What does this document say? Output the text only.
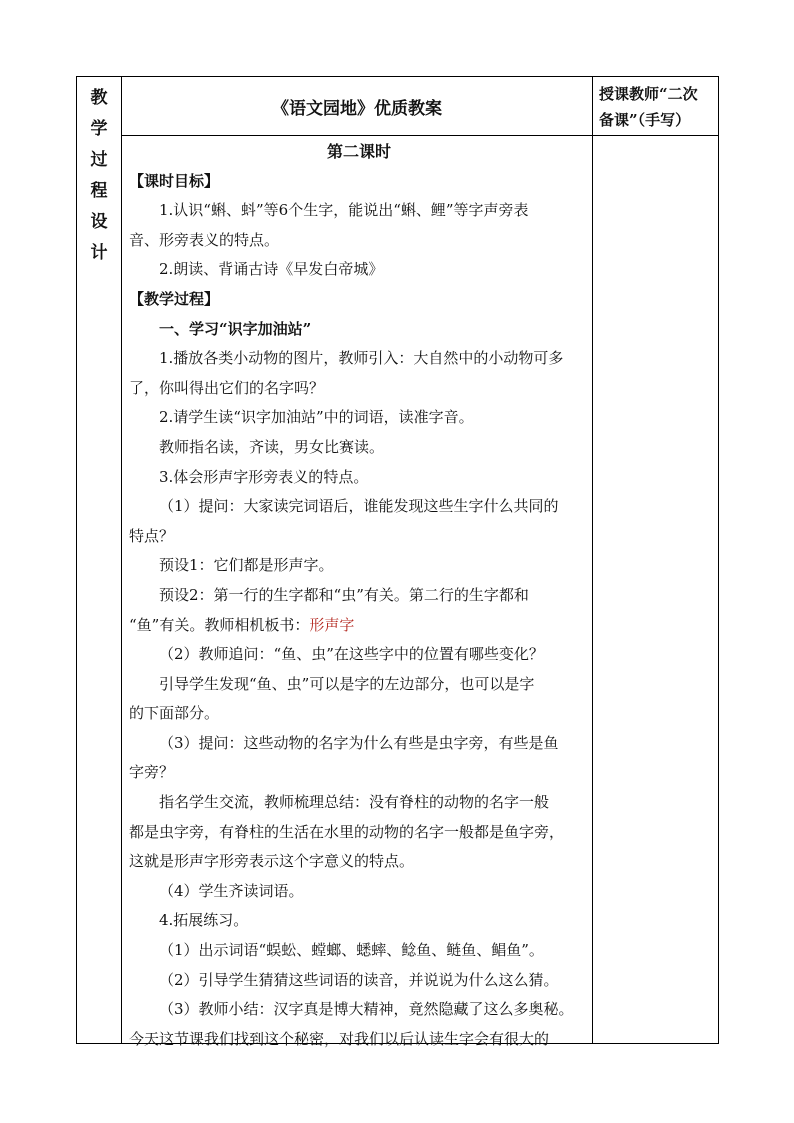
教
学
过
程
设
计
《语文园地》优质教案
授课教师“二次
备课”（手写）

第二课时

【课时目标】

1.认识“蝌、蚪”等6个生字，能说出“蝌、鲤”等字声旁表

音、形旁表义的特点。

2.朗读、背诵古诗《早发白帝城》

【教学过程】

一、学习“识字加油站”

1.播放各类小动物的图片，教师引入：大自然中的小动物可多

了，你叫得出它们的名字吗？

2.请学生读“识字加油站”中的词语，读准字音。

教师指名读，齐读，男女比赛读。

3.体会形声字形旁表义的特点。

（1）提问：大家读完词语后，谁能发现这些生字什么共同的

特点？

预设1：它们都是形声字。

预设2：第一行的生字都和“虫”有关。第二行的生字都和

“鱼”有关。教师相机板书：形声字

（2）教师追问：“鱼、虫”在这些字中的位置有哪些变化？

引导学生发现“鱼、虫”可以是字的左边部分，也可以是字

的下面部分。

（3）提问：这些动物的名字为什么有些是虫字旁，有些是鱼

字旁？

指名学生交流，教师梳理总结：没有脊柱的动物的名字一般

都是虫字旁，有脊柱的生活在水里的动物的名字一般都是鱼字旁，

这就是形声字形旁表示这个字意义的特点。

（4）学生齐读词语。

4.拓展练习。

（1）出示词语“蜈蚣、螳螂、蟋蟀、鲶鱼、鲢鱼、鲳鱼”。

（2）引导学生猜猜这些词语的读音，并说说为什么这么猜。

（3）教师小结：汉字真是博大精神，竟然隐藏了这么多奥秘。

今天这节课我们找到这个秘密，对我们以后认读生字会有很大的
